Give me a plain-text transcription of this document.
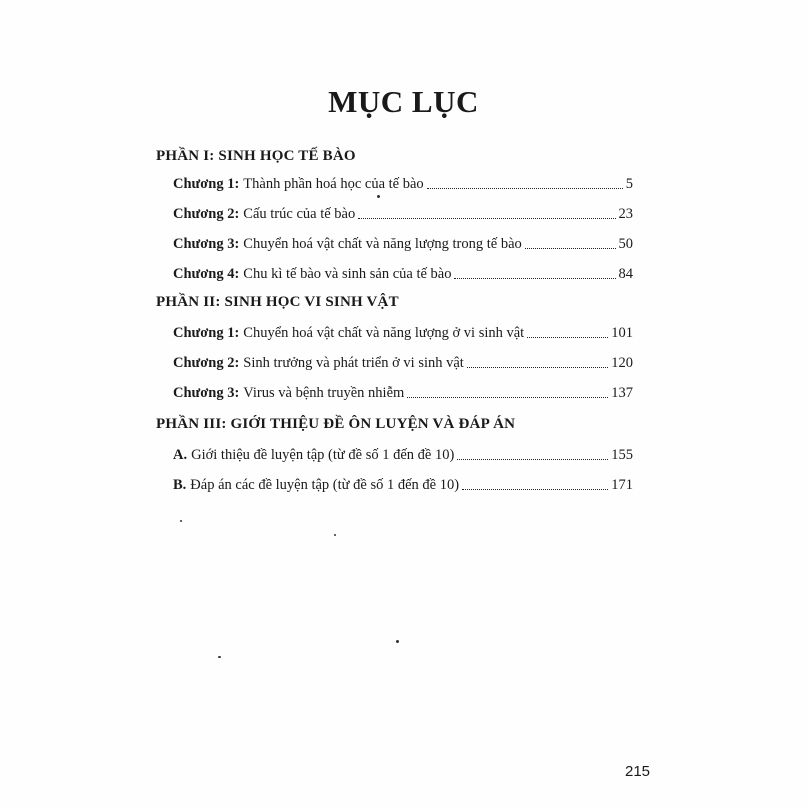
MỤC LỤC
PHẦN I: SINH HỌC TẾ BÀO
Chương 1: Thành phần hoá học của tế bào	5
Chương 2: Cấu trúc của tế bào	23
Chương 3: Chuyển hoá vật chất và năng lượng trong tế bào	50
Chương 4: Chu kì tế bào và sinh sản của tế bào	84
PHẦN II: SINH HỌC VI SINH VẬT
Chương 1: Chuyển hoá vật chất và năng lượng ở vi sinh vật	101
Chương 2: Sinh trưởng và phát triển ở vi sinh vật	120
Chương 3: Virus và bệnh truyền nhiễm	137
PHẦN III: GIỚI THIỆU ĐỀ ÔN LUYỆN VÀ ĐÁP ÁN
A. Giới thiệu đề luyện tập (từ đề số 1 đến đề 10)	155
B. Đáp án các đề luyện tập (từ đề số 1 đến đề 10)	171
215
